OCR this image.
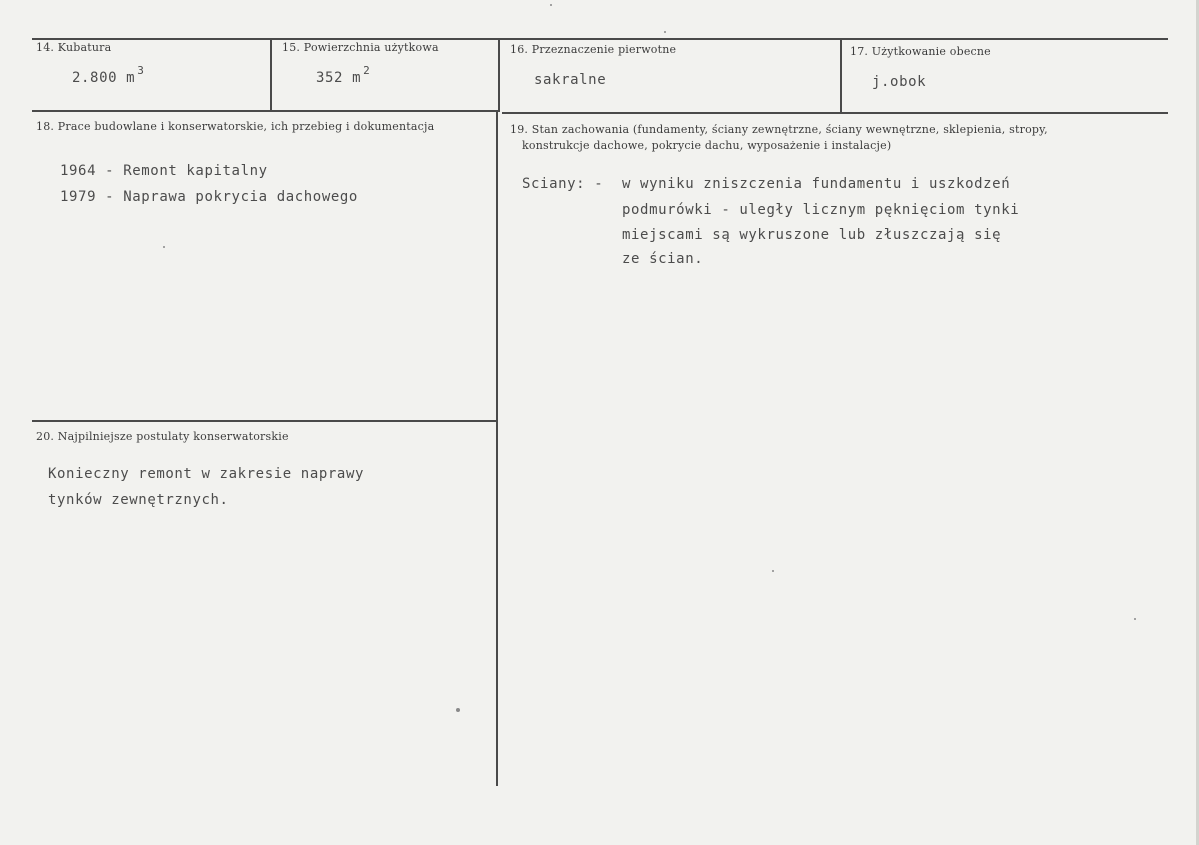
14. Kubatura
2.800 m $^3$
15. Powierzchnia użytkowa
352 m $^2$
16. Przeznaczenie pierwotne
sakralne
17. Użytkowanie obecne
j.obok
18. Prace budowlane i konserwatorskie, ich przebieg i dokumentacja
1964 - Remont kapitalny
1979 - Naprawa pokrycia dachowego
19. Stan zachowania (fundamenty, ściany zewnętrzne, ściany wewnętrzne, sklepienia, stropy,
konstrukcje dachowe, pokrycie dachu, wyposażenie i instalacje)
Sciany: - w wyniku zniszczenia fundamentu i uszkodzeń
podmurówki - uległy licznym pęknięciom tynki
miejscami są wykruszone lub złuszczają się
ze ścian.
20. Najpilniejsze postulaty konserwatorskie
Konieczny remont w zakresie naprawy
tynków zewnętrznych.
